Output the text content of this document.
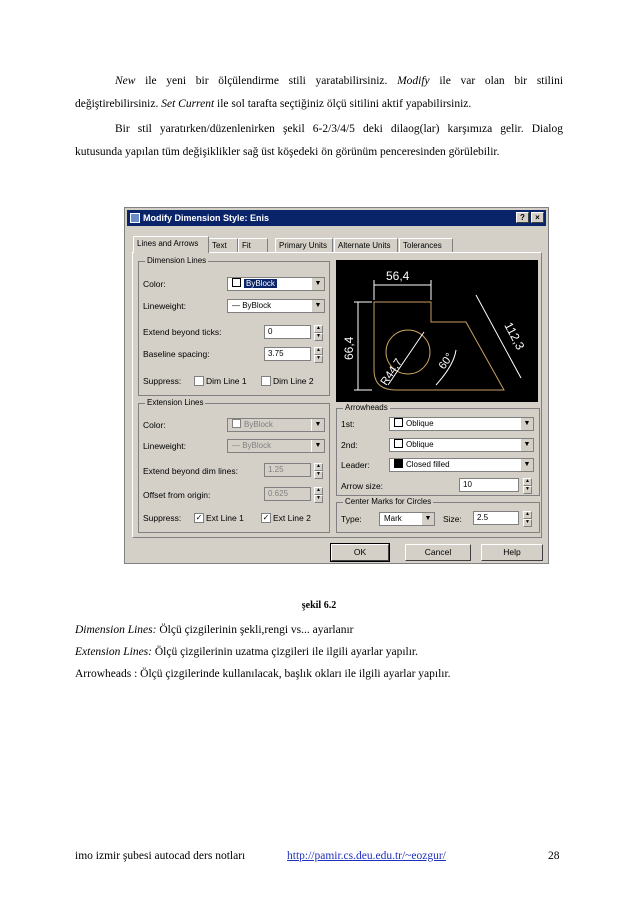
New ile yeni bir ölçülendirme stili yaratabilirsiniz. Modify ile var olan bir stilini değiştirebilirsiniz. Set Current ile sol tarafta seçtiğiniz ölçü sitilini aktif yapabilirsiniz.
Bir stil yaratırken/düzenlenirken şekil 6-2/3/4/5 deki dilaog(lar) karşımıza gelir. Dialog kutusunda yapılan tüm değişiklikler sağ üst köşedeki ön görünüm penceresinden görülebilir.
Modify Dimension Style: Enis	?	×
Lines and Arrows	Text	Fit	Primary Units	Alternate Units	Tolerances
Dimension Lines
Color:	ByBlock	▼
Lineweight:	— ByBlock	▼
Extend beyond ticks:	0	▲
▼
Baseline spacing:	3.75	▲
▼
Suppress:	Dim Line 1	Dim Line 2
Extension Lines
Color:	ByBlock	▼
Lineweight:	— ByBlock	▼
Extend beyond dim lines:	1.25	▲
▼
Offset from origin:	0.625	▲
▼
Suppress: ✓ Ext Line 1 ✓ Ext Line 2
56,4
66,4	112,3
R44,7	60°
Arrowheads
1st:	Oblique	▼
2nd:	Oblique	▼
Leader:	Closed filled	▼
Arrow size:	10	▲
▼
Center Marks for Circles
Type:	Mark	▼ Size:	2.5	▲
▼
OK	Cancel	Help
şekil 6.2
Dimension Lines: Ölçü çizgilerinin şekli,rengi vs... ayarlanır
Extension Lines: Ölçü çizgilerinin uzatma çizgileri ile ilgili ayarlar yapılır.
Arrowheads : Ölçü çizgilerinde kullanılacak, başlık okları ile ilgili ayarlar yapılır.
imo izmir şubesi autocad ders notları	http://pamir.cs.deu.edu.tr/~eozgur/	28
